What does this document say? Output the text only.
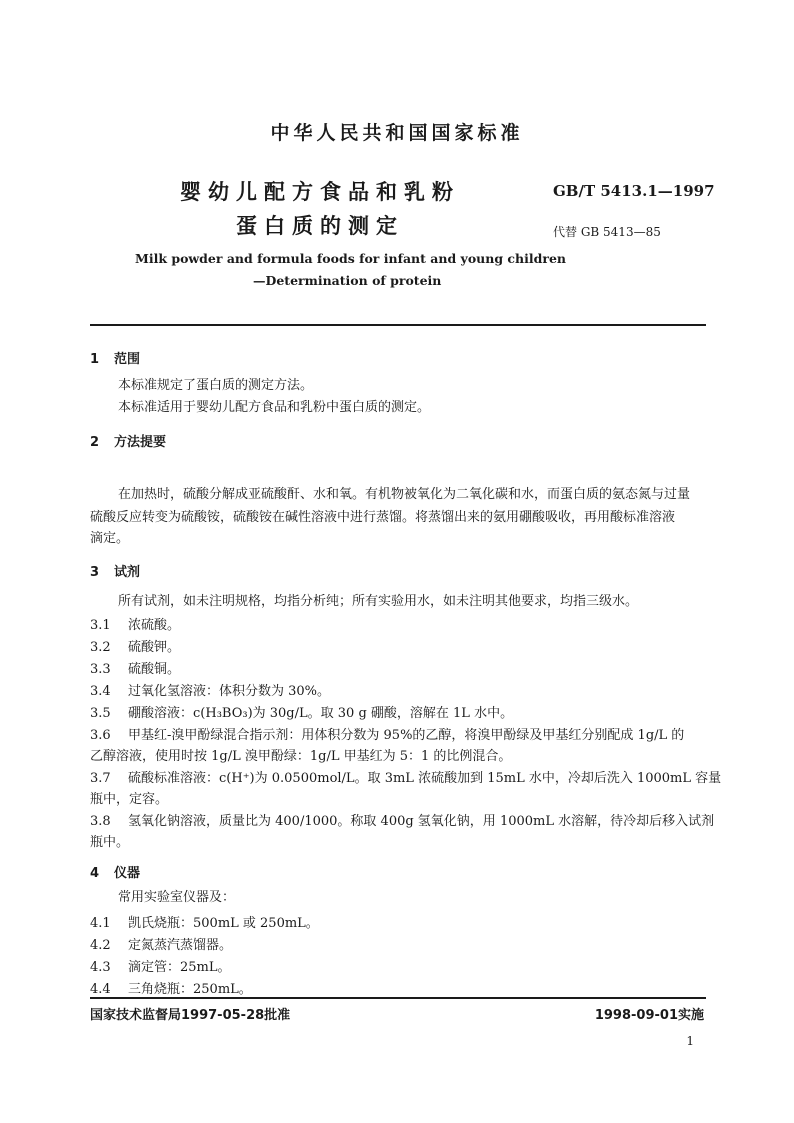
中华人民共和国国家标准
婴幼儿配方食品和乳粉
蛋白质的测定
GB/T 5413.1—1997
代替 GB 5413—85
Milk powder and formula foods for infant and young children
—Determination of protein
1 范围
本标准规定了蛋白质的测定方法。
本标准适用于婴幼儿配方食品和乳粉中蛋白质的测定。
2 方法提要
在加热时，硫酸分解成亚硫酸酐、水和氧。有机物被氧化为二氧化碳和水，而蛋白质的氨态氮与过量
硫酸反应转变为硫酸铵，硫酸铵在碱性溶液中进行蒸馏。将蒸馏出来的氨用硼酸吸收，再用酸标准溶液
滴定。
3 试剂
所有试剂，如未注明规格，均指分析纯；所有实验用水，如未注明其他要求，均指三级水。
3.1 浓硫酸。
3.2 硫酸钾。
3.3 硫酸铜。
3.4 过氧化氢溶液：体积分数为 30%。
3.5 硼酸溶液：c(H₃BO₃)为 30g/L。取 30 g 硼酸，溶解在 1L 水中。
3.6 甲基红-溴甲酚绿混合指示剂：用体积分数为 95%的乙醇，将溴甲酚绿及甲基红分别配成 1g/L 的
乙醇溶液，使用时按 1g/L 溴甲酚绿：1g/L 甲基红为 5：1 的比例混合。
3.7 硫酸标准溶液：c(H⁺)为 0.0500mol/L。取 3mL 浓硫酸加到 15mL 水中，冷却后洗入 1000mL 容量
瓶中，定容。
3.8 氢氧化钠溶液，质量比为 400/1000。称取 400g 氢氧化钠，用 1000mL 水溶解，待冷却后移入试剂
瓶中。
4 仪器
常用实验室仪器及：
4.1 凯氏烧瓶：500mL 或 250mL。
4.2 定氮蒸汽蒸馏器。
4.3 滴定管：25mL。
4.4 三角烧瓶：250mL。
国家技术监督局1997-05-28批准	1998-09-01实施
1
